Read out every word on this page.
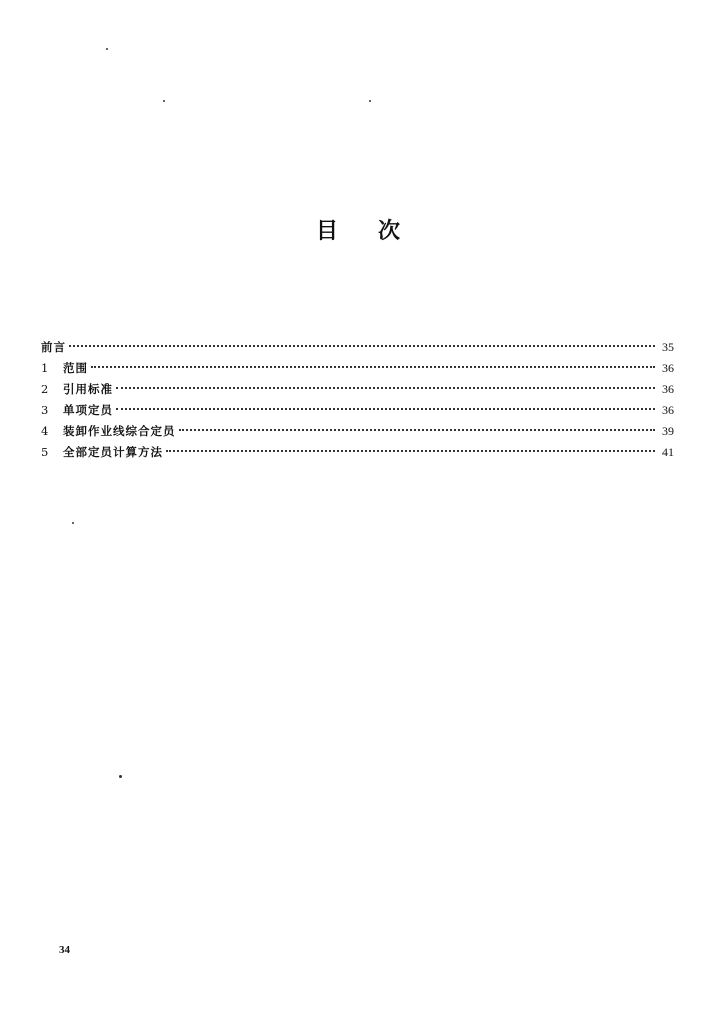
目 次
前言	35
1	范围	36
2	引用标准	36
3	单项定员	36
4	装卸作业线综合定员	39
5	全部定员计算方法	41
34
